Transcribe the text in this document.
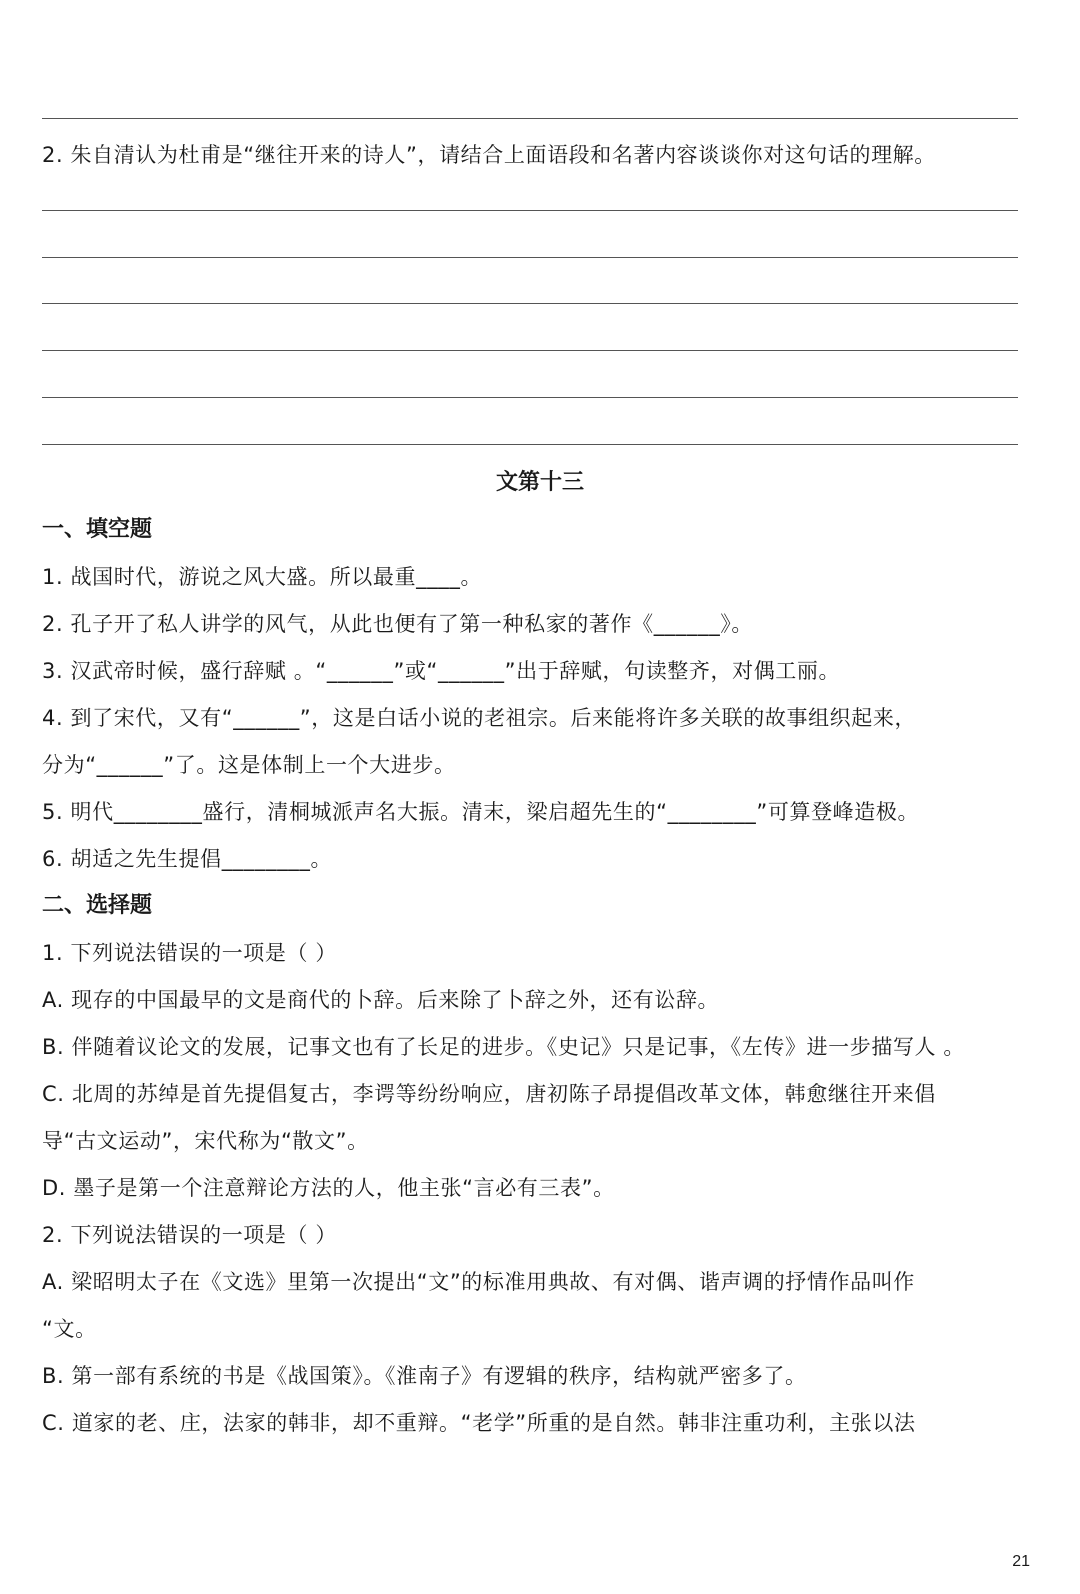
2. 朱自清认为杜甫是“继往开来的诗人”，请结合上面语段和名著内容谈谈你对这句话的理解。
文第十三
一、填空题
1. 战国时代，游说之风大盛。所以最重____。
2. 孔子开了私人讲学的风气，从此也便有了第一种私家的著作《______》。
3. 汉武帝时候，盛行辞赋 。“______”或“______”出于辞赋，句读整齐，对偶工丽。
4. 到了宋代，又有“______”，这是白话小说的老祖宗。后来能将许多关联的故事组织起来，
分为“______”了。这是体制上一个大进步。
5. 明代________盛行，清桐城派声名大振。清末，梁启超先生的“________”可算登峰造极。
6. 胡适之先生提倡________。
二、选择题
1. 下列说法错误的一项是（ ）
A. 现存的中国最早的文是商代的卜辞。后来除了卜辞之外，还有讼辞。
B. 伴随着议论文的发展，记事文也有了长足的进步。《史记》只是记事，《左传》进一步描写人 。
C. 北周的苏绰是首先提倡复古，李谔等纷纷响应，唐初陈子昂提倡改革文体，韩愈继往开来倡
导“古文运动”，宋代称为“散文”。
D. 墨子是第一个注意辩论方法的人，他主张“言必有三表”。
2. 下列说法错误的一项是（ ）
A. 梁昭明太子在《文选》里第一次提出“文”的标准用典故、有对偶、谐声调的抒情作品叫作
“文。
B. 第一部有系统的书是《战国策》。《淮南子》有逻辑的秩序，结构就严密多了。
C. 道家的老、庄，法家的韩非，却不重辩。“老学”所重的是自然。韩非注重功利，主张以法
21
